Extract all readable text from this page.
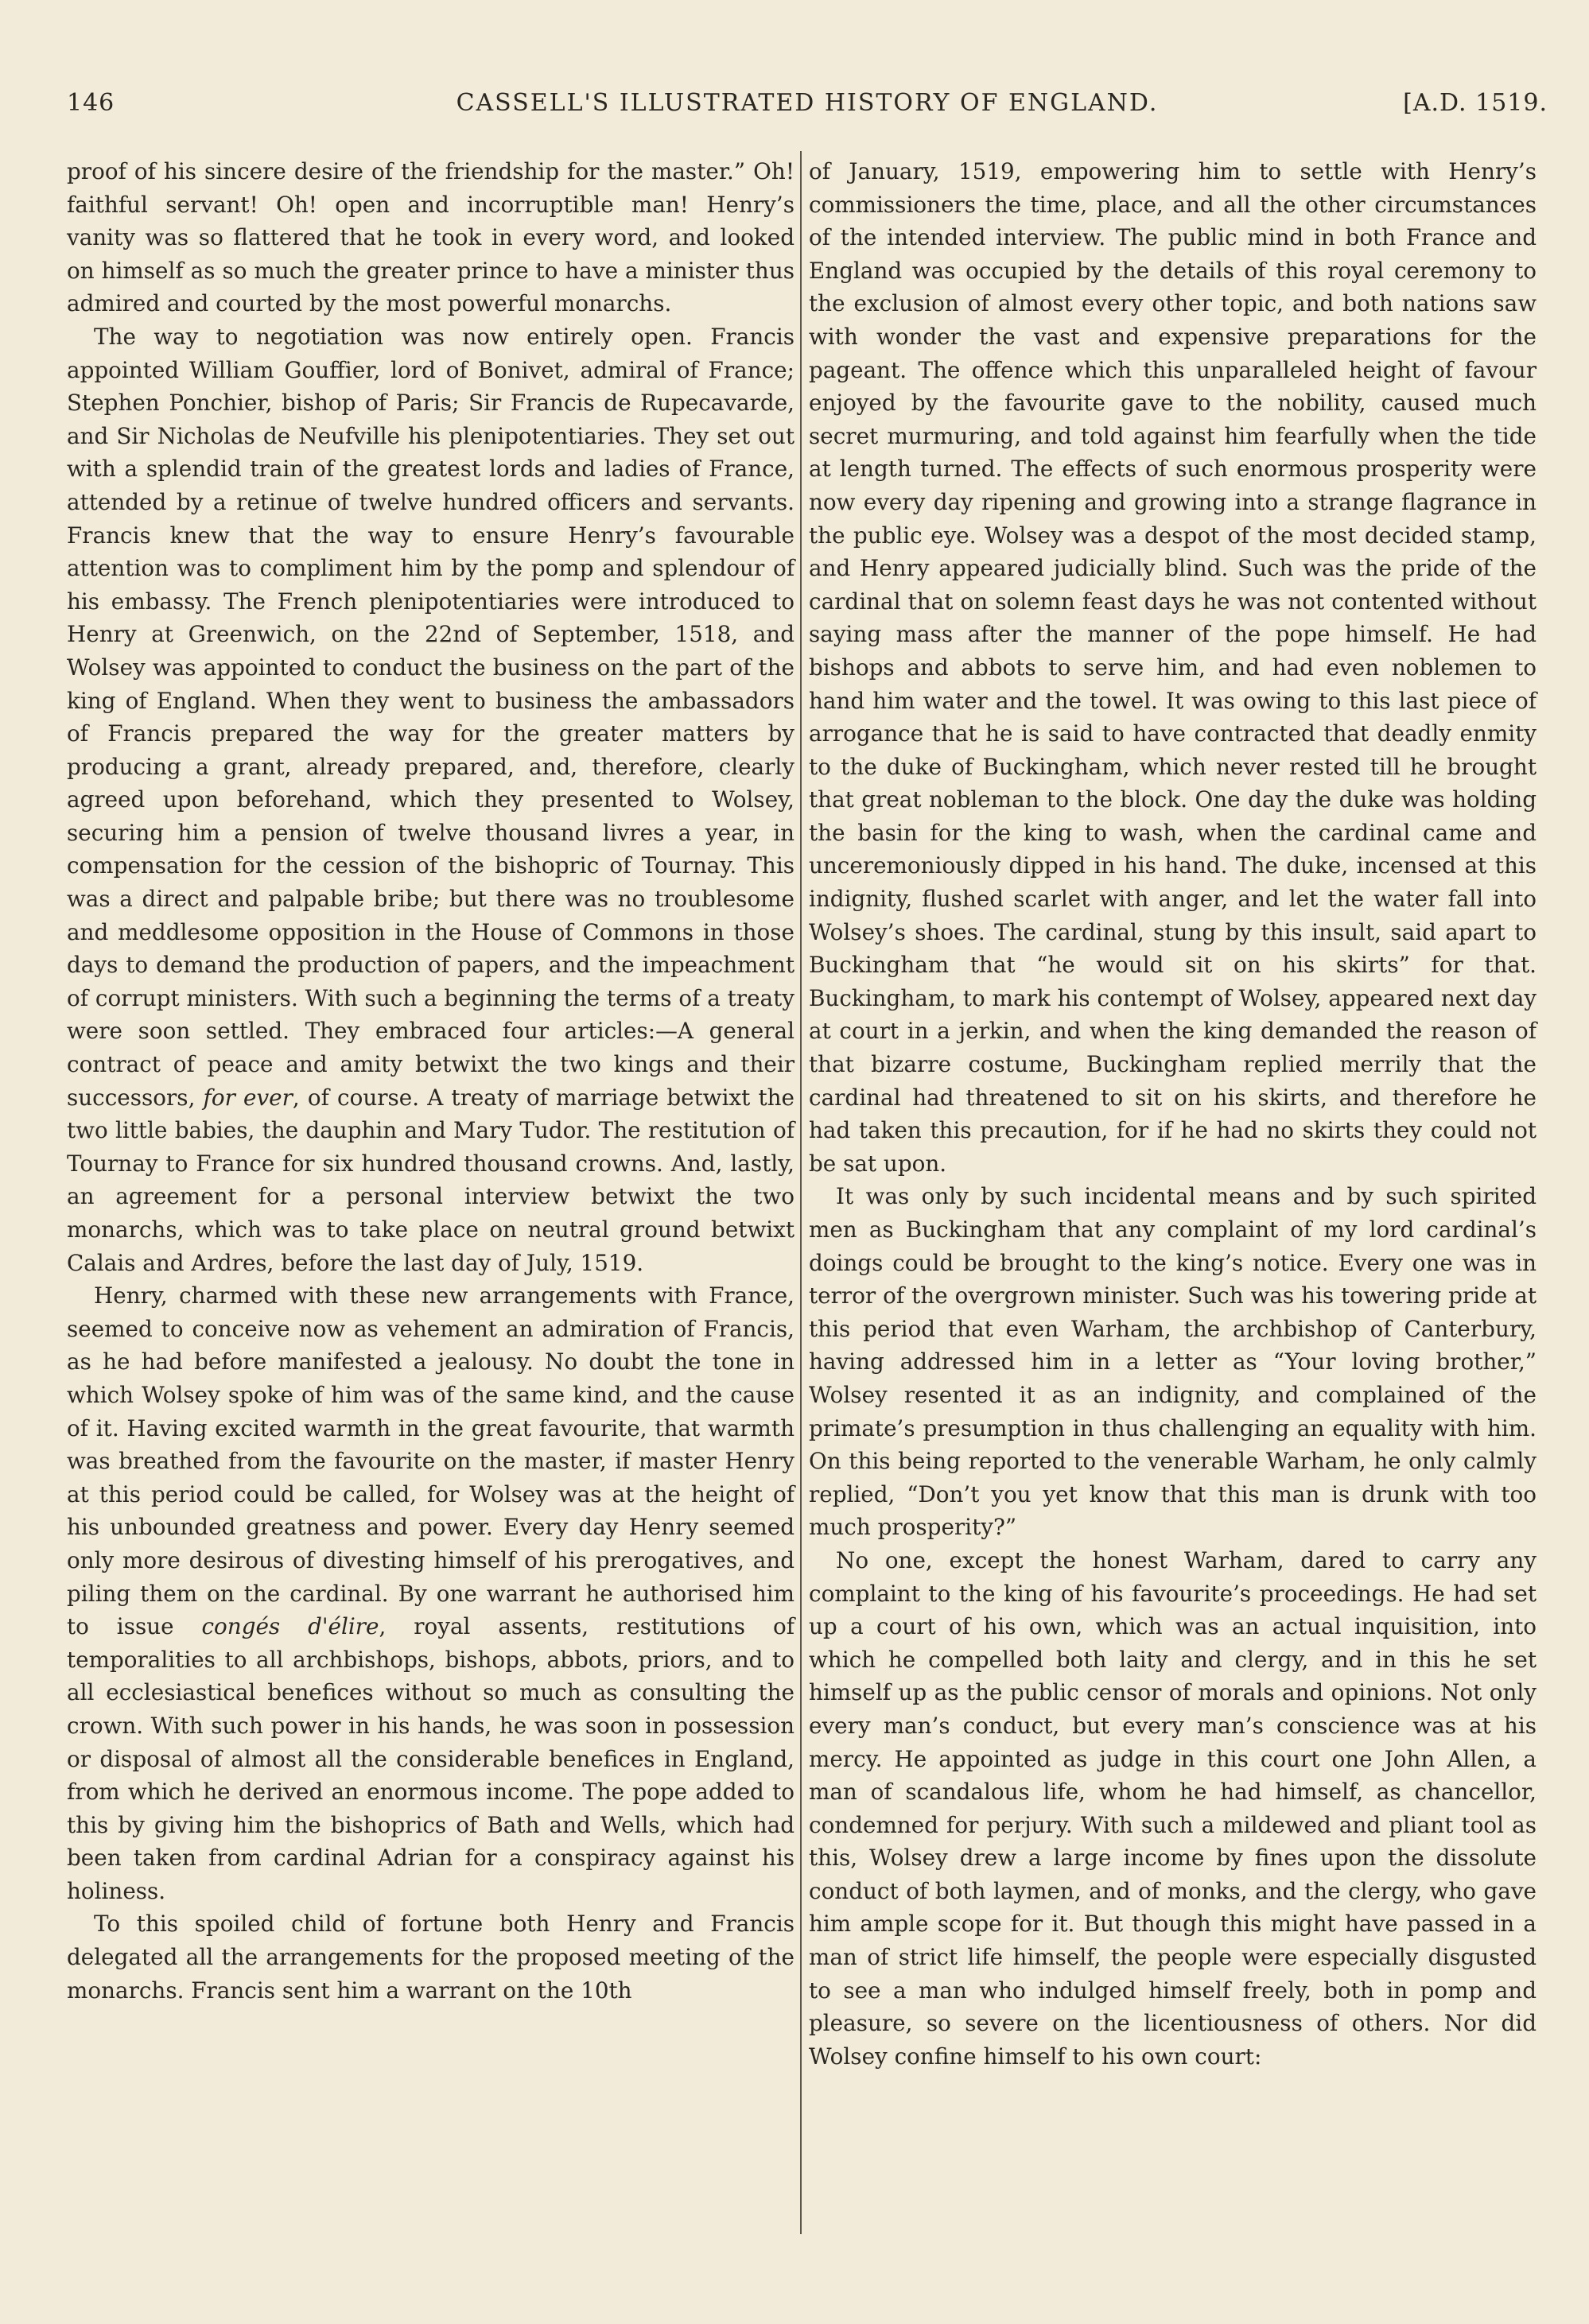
146	CASSELL'S ILLUSTRATED HISTORY OF ENGLAND.	[A.D. 1519.

proof of his sincere desire of the friendship for the master.” Oh! faithful servant! Oh! open and incorruptible man! Henry’s vanity was so flattered that he took in every word, and looked on himself as so much the greater prince to have a minister thus admired and courted by the most powerful monarchs.

The way to negotiation was now entirely open. Francis appointed William Gouffier, lord of Bonivet, admiral of France; Stephen Ponchier, bishop of Paris; Sir Francis de Rupecavarde, and Sir Nicholas de Neufville his plenipotentiaries. They set out with a splendid train of the greatest lords and ladies of France, attended by a retinue of twelve hundred officers and servants. Francis knew that the way to ensure Henry’s favourable attention was to compliment him by the pomp and splendour of his embassy. The French plenipotentiaries were introduced to Henry at Greenwich, on the 22nd of September, 1518, and Wolsey was appointed to conduct the business on the part of the king of England. When they went to business the ambassadors of Francis prepared the way for the greater matters by producing a grant, already prepared, and, therefore, clearly agreed upon beforehand, which they presented to Wolsey, securing him a pension of twelve thousand livres a year, in compensation for the cession of the bishopric of Tournay. This was a direct and palpable bribe; but there was no troublesome and meddlesome opposition in the House of Commons in those days to demand the production of papers, and the impeachment of corrupt ministers. With such a beginning the terms of a treaty were soon settled. They embraced four articles:—A general contract of peace and amity betwixt the two kings and their successors, for ever, of course. A treaty of marriage betwixt the two little babies, the dauphin and Mary Tudor. The restitution of Tournay to France for six hundred thousand crowns. And, lastly, an agreement for a personal interview betwixt the two monarchs, which was to take place on neutral ground betwixt Calais and Ardres, before the last day of July, 1519.

Henry, charmed with these new arrangements with France, seemed to conceive now as vehement an admiration of Francis, as he had before manifested a jealousy. No doubt the tone in which Wolsey spoke of him was of the same kind, and the cause of it. Having excited warmth in the great favourite, that warmth was breathed from the favourite on the master, if master Henry at this period could be called, for Wolsey was at the height of his unbounded greatness and power. Every day Henry seemed only more desirous of divesting himself of his prerogatives, and piling them on the cardinal. By one warrant he authorised him to issue congés d'élire, royal assents, restitutions of temporalities to all archbishops, bishops, abbots, priors, and to all ecclesiastical benefices without so much as consulting the crown. With such power in his hands, he was soon in possession or disposal of almost all the considerable benefices in England, from which he derived an enormous income. The pope added to this by giving him the bishoprics of Bath and Wells, which had been taken from cardinal Adrian for a conspiracy against his holiness.

To this spoiled child of fortune both Henry and Francis delegated all the arrangements for the proposed meeting of the monarchs. Francis sent him a warrant on the 10th

of January, 1519, empowering him to settle with Henry’s commissioners the time, place, and all the other circumstances of the intended interview. The public mind in both France and England was occupied by the details of this royal ceremony to the exclusion of almost every other topic, and both nations saw with wonder the vast and expensive preparations for the pageant. The offence which this unparalleled height of favour enjoyed by the favourite gave to the nobility, caused much secret murmuring, and told against him fearfully when the tide at length turned. The effects of such enormous prosperity were now every day ripening and growing into a strange flagrance in the public eye. Wolsey was a despot of the most decided stamp, and Henry appeared judicially blind. Such was the pride of the cardinal that on solemn feast days he was not contented without saying mass after the manner of the pope himself. He had bishops and abbots to serve him, and had even noblemen to hand him water and the towel. It was owing to this last piece of arrogance that he is said to have contracted that deadly enmity to the duke of Buckingham, which never rested till he brought that great nobleman to the block. One day the duke was holding the basin for the king to wash, when the cardinal came and unceremoniously dipped in his hand. The duke, incensed at this indignity, flushed scarlet with anger, and let the water fall into Wolsey’s shoes. The cardinal, stung by this insult, said apart to Buckingham that “he would sit on his skirts” for that. Buckingham, to mark his contempt of Wolsey, appeared next day at court in a jerkin, and when the king demanded the reason of that bizarre costume, Buckingham replied merrily that the cardinal had threatened to sit on his skirts, and therefore he had taken this precaution, for if he had no skirts they could not be sat upon.

It was only by such incidental means and by such spirited men as Buckingham that any complaint of my lord cardinal’s doings could be brought to the king’s notice. Every one was in terror of the overgrown minister. Such was his towering pride at this period that even Warham, the archbishop of Canterbury, having addressed him in a letter as “Your loving brother,” Wolsey resented it as an indignity, and complained of the primate’s presumption in thus challenging an equality with him. On this being reported to the venerable Warham, he only calmly replied, “Don’t you yet know that this man is drunk with too much prosperity?”

No one, except the honest Warham, dared to carry any complaint to the king of his favourite’s proceedings. He had set up a court of his own, which was an actual inquisition, into which he compelled both laity and clergy, and in this he set himself up as the public censor of morals and opinions. Not only every man’s conduct, but every man’s conscience was at his mercy. He appointed as judge in this court one John Allen, a man of scandalous life, whom he had himself, as chancellor, condemned for perjury. With such a mildewed and pliant tool as this, Wolsey drew a large income by fines upon the dissolute conduct of both laymen, and of monks, and the clergy, who gave him ample scope for it. But though this might have passed in a man of strict life himself, the people were especially disgusted to see a man who indulged himself freely, both in pomp and pleasure, so severe on the licentiousness of others. Nor did Wolsey confine himself to his own court:
